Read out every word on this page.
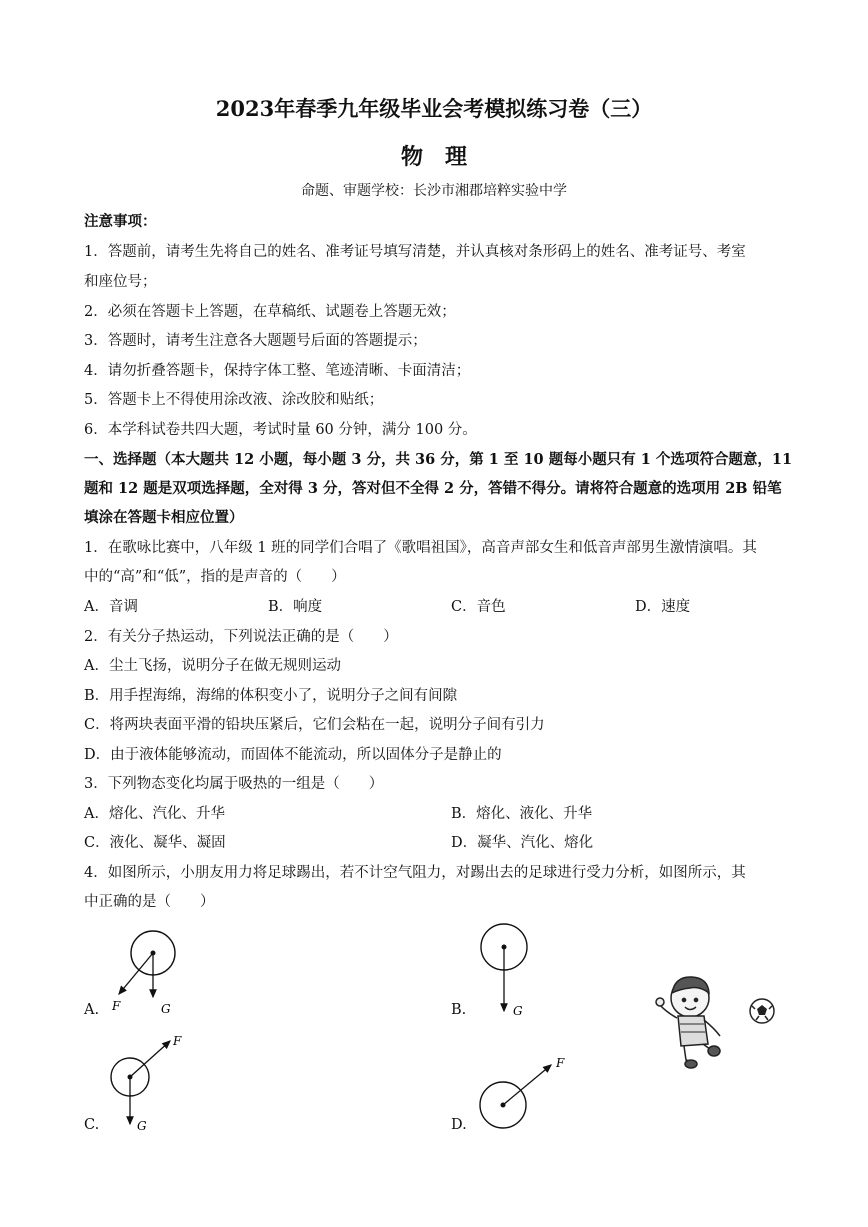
2023年春季九年级毕业会考模拟练习卷（三）
物理
命题、审题学校：长沙市湘郡培粹实验中学
注意事项：
1．答题前，请考生先将自己的姓名、准考证号填写清楚，并认真核对条形码上的姓名、准考证号、考室
和座位号；
2．必须在答题卡上答题，在草稿纸、试题卷上答题无效；
3．答题时，请考生注意各大题题号后面的答题提示；
4．请勿折叠答题卡，保持字体工整、笔迹清晰、卡面清洁；
5．答题卡上不得使用涂改液、涂改胶和贴纸；
6．本学科试卷共四大题，考试时量 60 分钟，满分 100 分。
一、选择题（本大题共 12 小题，每小题 3 分，共 36 分，第 1 至 10 题每小题只有 1 个选项符合题意，11
题和 12 题是双项选择题，全对得 3 分，答对但不全得 2 分，答错不得分。请将符合题意的选项用 2B 铅笔
填涂在答题卡相应位置）
1．在歌咏比赛中，八年级 1 班的同学们合唱了《歌唱祖国》，高音声部女生和低音声部男生激情演唱。其
中的“高”和“低”，指的是声音的（　　）
A．音调	B．响度	C．音色	D．速度
2．有关分子热运动，下列说法正确的是（　　）
A．尘土飞扬，说明分子在做无规则运动
B．用手捏海绵，海绵的体积变小了，说明分子之间有间隙
C．将两块表面平滑的铅块压紧后，它们会粘在一起，说明分子间有引力
D．由于液体能够流动，而固体不能流动，所以固体分子是静止的
3．下列物态变化均属于吸热的一组是（　　）
A．熔化、汽化、升华	B．熔化、液化、升华
C．液化、凝华、凝固	D．凝华、汽化、熔化
4．如图所示，小朋友用力将足球踢出，若不计空气阻力，对踢出去的足球进行受力分析，如图所示，其
中正确的是（　　）
A.	B.
C.	D.
F	G	G
F
G
F
